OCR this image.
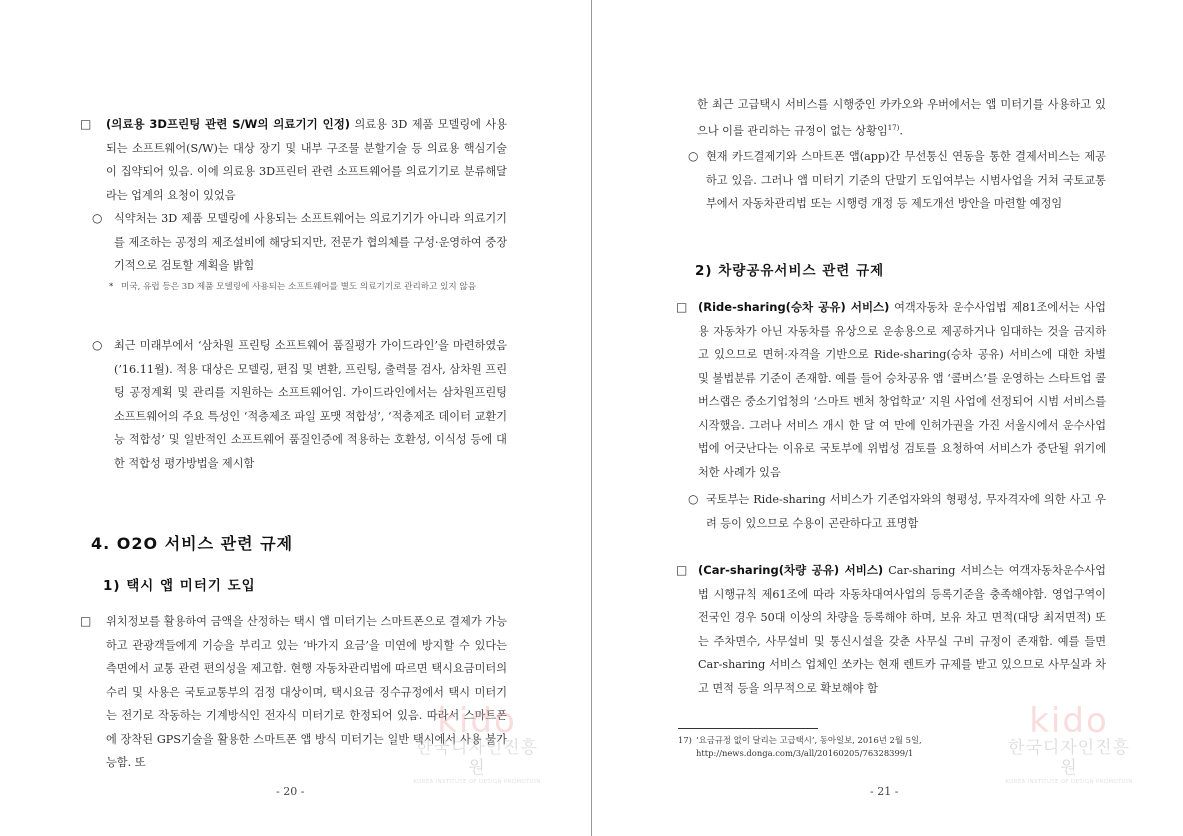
□ (의료용 3D프린팅 관련 S/W의 의료기기 인정) 의료용 3D 제품 모델링에 사용되는 소프트웨어(S/W)는 대상 장기 및 내부 구조물 분할기술 등 의료용 핵심기술이 집약되어 있음. 이에 의료용 3D프린터 관련 소프트웨어를 의료기기로 분류해달라는 업계의 요청이 있었음
○ 식약처는 3D 제품 모델링에 사용되는 소프트웨어는 의료기기가 아니라 의료기기를 제조하는 공정의 제조설비에 해당되지만, 전문가 협의체를 구성·운영하여 중장기적으로 검토할 계획을 밝힘
* 미국, 유럽 등은 3D 제품 모델링에 사용되는 소프트웨어를 별도 의료기기로 관리하고 있지 않음
○ 최근 미래부에서 ‘삼차원 프린팅 소프트웨어 품질평가 가이드라인’을 마련하였음(’16.11월). 적용 대상은 모델링, 편집 및 변환, 프린팅, 출력물 검사, 삼차원 프린팅 공정계획 및 관리를 지원하는 소프트웨어임. 가이드라인에서는 삼차원프린팅 소프트웨어의 주요 특성인 ‘적층제조 파일 포맷 적합성’, ‘적층제조 데이터 교환기능 적합성’ 및 일반적인 소프트웨어 품질인증에 적용하는 호환성, 이식성 등에 대한 적합성 평가방법을 제시함
4. O2O 서비스 관련 규제
1) 택시 앱 미터기 도입
□ 위치정보를 활용하여 금액을 산정하는 택시 앱 미터기는 스마트폰으로 결제가 가능하고 관광객들에게 기승을 부리고 있는 ‘바가지 요금’을 미연에 방지할 수 있다는 측면에서 교통 관련 편의성을 제고함. 현행 자동차관리법에 따르면 택시요금미터의 수리 및 사용은 국토교통부의 검정 대상이며, 택시요금 징수규정에서 택시 미터기는 전기로 작동하는 기계방식인 전자식 미터기로 한정되어 있음. 따라서 스마트폰에 장착된 GPS기술을 활용한 스마트폰 앱 방식 미터기는 일반 택시에서 사용 불가능함. 또
kido
한국디자인진흥원
KOREA INSTITUTE OF DESIGN PROMOTION
- 20 -
한 최근 고급택시 서비스를 시행중인 카카오와 우버에서는 앱 미터기를 사용하고 있으나 이를 관리하는 규정이 없는 상황임$^{17)}$.
○ 현재 카드결제기와 스마트폰 앱(app)간 무선통신 연동을 통한 결제서비스는 제공하고 있음. 그러나 앱 미터기 기준의 단말기 도입여부는 시범사업을 거쳐 국토교통부에서 자동차관리법 또는 시행령 개정 등 제도개선 방안을 마련할 예정임
2) 차량공유서비스 관련 규제
□ (Ride-sharing(승차 공유) 서비스) 여객자동차 운수사업법 제81조에서는 사업용 자동차가 아닌 자동차를 유상으로 운송용으로 제공하거나 임대하는 것을 금지하고 있으므로 면허·자격을 기반으로 Ride-sharing(승차 공유) 서비스에 대한 차별 및 불법분류 기준이 존재함. 예를 들어 승차공유 앱 ‘콜버스’를 운영하는 스타트업 콜버스랩은 중소기업청의 ‘스마트 벤처 창업학교’ 지원 사업에 선정되어 시범 서비스를 시작했음. 그러나 서비스 개시 한 달 여 만에 인허가권을 가진 서울시에서 운수사업법에 어긋난다는 이유로 국토부에 위법성 검토를 요청하여 서비스가 중단될 위기에 처한 사례가 있음
○ 국토부는 Ride-sharing 서비스가 기존업자와의 형평성, 무자격자에 의한 사고 우려 등이 있으므로 수용이 곤란하다고 표명함
□ (Car-sharing(차량 공유) 서비스) Car-sharing 서비스는 여객자동차운수사업법 시행규칙 제61조에 따라 자동차대여사업의 등록기준을 충족해야함. 영업구역이 전국인 경우 50대 이상의 차량을 등록해야 하며, 보유 차고 면적(대당 최저면적) 또는 주차면수, 사무설비 및 통신시설을 갖춘 사무실 구비 규정이 존재함. 예를 들면 Car-sharing 서비스 업체인 쏘카는 현재 렌트카 규제를 받고 있으므로 사무실과 차고 면적 등을 의무적으로 확보해야 함
17) ‘요금규정 없이 달리는 고급택시’, 동아일보, 2016년 2월 5일, http://news.donga.com/3/all/20160205/76328399/1
kido
한국디자인진흥원
KOREA INSTITUTE OF DESIGN PROMOTION
- 21 -
